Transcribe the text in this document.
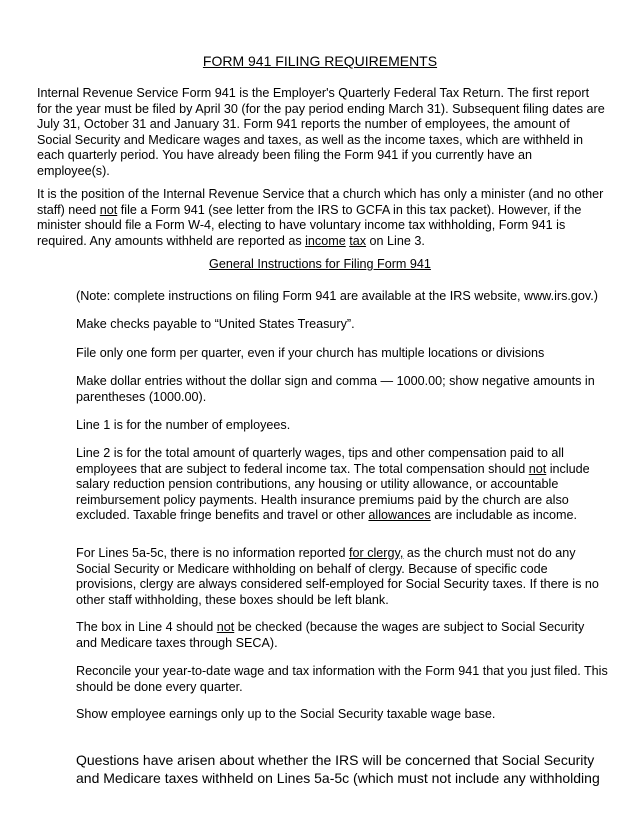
FORM 941 FILING REQUIREMENTS

Internal Revenue Service Form 941 is the Employer's Quarterly Federal Tax Return. The first report for the year must be filed by April 30 (for the pay period ending March 31). Subsequent filing dates are July 31, October 31 and January 31. Form 941 reports the number of employees, the amount of Social Security and Medicare wages and taxes, as well as the income taxes, which are withheld in each quarterly period. You have already been filing the Form 941 if you currently have an employee(s).

It is the position of the Internal Revenue Service that a church which has only a minister (and no other staff) need not file a Form 941 (see letter from the IRS to GCFA in this tax packet). However, if the minister should file a Form W-4, electing to have voluntary income tax withholding, Form 941 is required. Any amounts withheld are reported as income tax on Line 3.

General Instructions for Filing Form 941

(Note: complete instructions on filing Form 941 are available at the IRS website, www.irs.gov.)

Make checks payable to “United States Treasury”.

File only one form per quarter, even if your church has multiple locations or divisions

Make dollar entries without the dollar sign and comma — 1000.00; show negative amounts in parentheses (1000.00).

Line 1 is for the number of employees.

Line 2 is for the total amount of quarterly wages, tips and other compensation paid to all employees that are subject to federal income tax. The total compensation should not include salary reduction pension contributions, any housing or utility allowance, or accountable reimbursement policy payments. Health insurance premiums paid by the church are also excluded. Taxable fringe benefits and travel or other allowances are includable as income.

For Lines 5a-5c, there is no information reported for clergy, as the church must not do any Social Security or Medicare withholding on behalf of clergy. Because of specific code provisions, clergy are always considered self-employed for Social Security taxes. If there is no other staff withholding, these boxes should be left blank.

The box in Line 4 should not be checked (because the wages are subject to Social Security and Medicare taxes through SECA).

Reconcile your year-to-date wage and tax information with the Form 941 that you just filed. This should be done every quarter.

Show employee earnings only up to the Social Security taxable wage base.

Questions have arisen about whether the IRS will be concerned that Social Security and Medicare taxes withheld on Lines 5a-5c (which must not include any withholding
